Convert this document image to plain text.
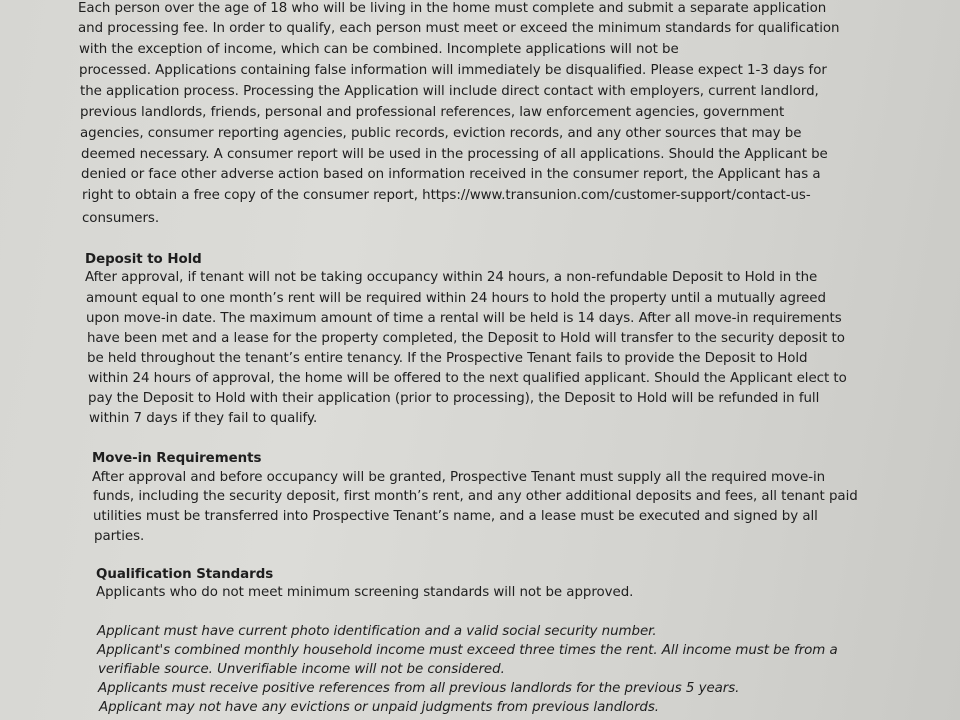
Each person over the age of 18 who will be living in the home must complete and submit a separate application
and processing fee. In order to qualify, each person must meet or exceed the minimum standards for qualification
with the exception of income, which can be combined. Incomplete applications will not be
processed. Applications containing false information will immediately be disqualified. Please expect 1-3 days for
the application process. Processing the Application will include direct contact with employers, current landlord,
previous landlords, friends, personal and professional references, law enforcement agencies, government
agencies, consumer reporting agencies, public records, eviction records, and any other sources that may be
deemed necessary. A consumer report will be used in the processing of all applications. Should the Applicant be
denied or face other adverse action based on information received in the consumer report, the Applicant has a
right to obtain a free copy of the consumer report, https://www.transunion.com/customer-support/contact-us-
consumers.
Deposit to Hold
After approval, if tenant will not be taking occupancy within 24 hours, a non-refundable Deposit to Hold in the
amount equal to one month’s rent will be required within 24 hours to hold the property until a mutually agreed
upon move-in date. The maximum amount of time a rental will be held is 14 days. After all move-in requirements
have been met and a lease for the property completed, the Deposit to Hold will transfer to the security deposit to
be held throughout the tenant’s entire tenancy. If the Prospective Tenant fails to provide the Deposit to Hold
within 24 hours of approval, the home will be offered to the next qualified applicant. Should the Applicant elect to
pay the Deposit to Hold with their application (prior to processing), the Deposit to Hold will be refunded in full
within 7 days if they fail to qualify.
Move-in Requirements
After approval and before occupancy will be granted, Prospective Tenant must supply all the required move-in
funds, including the security deposit, first month’s rent, and any other additional deposits and fees, all tenant paid
utilities must be transferred into Prospective Tenant’s name, and a lease must be executed and signed by all
parties.
Qualification Standards
Applicants who do not meet minimum screening standards will not be approved.
Applicant must have current photo identification and a valid social security number.
Applicant's combined monthly household income must exceed three times the rent. All income must be from a
verifiable source. Unverifiable income will not be considered.
Applicants must receive positive references from all previous landlords for the previous 5 years.
Applicant may not have any evictions or unpaid judgments from previous landlords.
